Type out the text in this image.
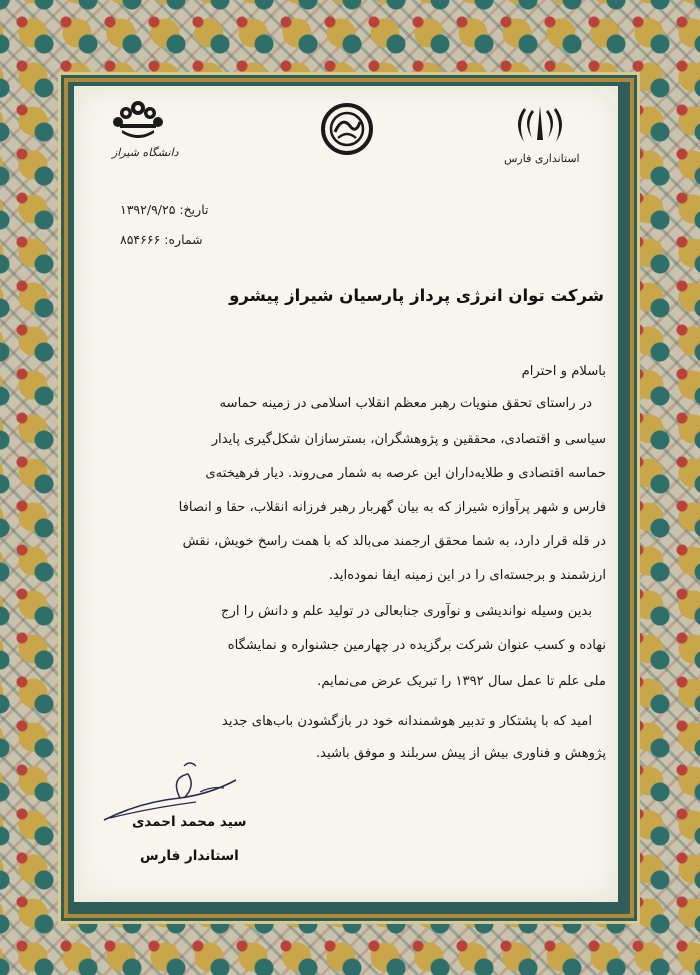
دانشگاه شیراز	استانداری فارس
تاریخ: ۱۳۹۲/۹/۲۵
شماره: ۸۵۴۶۶۶
شرکت توان انرژی پرداز پارسیان شیراز پیشرو
باسلام و احترام
در راستای تحقق منویات رهبر معظم انقلاب اسلامی در زمینه حماسه
سیاسی و اقتصادی، محققین و پژوهشگران، بسترسازان شکل‌گیری پایدار
حماسه اقتصادی و طلایه‌داران این عرصه به شمار می‌روند. دیار فرهیخته‌ی
فارس و شهر پرآوازه شیراز که به بیان گهربار رهبر فرزانه انقلاب، حقا و انصافا
در قله قرار دارد، به شما محقق ارجمند می‌بالد که با همت راسخ خویش، نقش
ارزشمند و برجسته‌ای را در این زمینه ایفا نموده‌اید.
بدین وسیله نواندیشی و نوآوری جنابعالی در تولید علم و دانش را ارج
نهاده و کسب عنوان شرکت برگزیده در چهارمین جشنواره و نمایشگاه
ملی علم تا عمل سال ۱۳۹۲ را تبریک عرض می‌نمایم.
امید که با پشتکار و تدبیر هوشمندانه خود در بازگشودن باب‌های جدید
پژوهش و فناوری بیش از پیش سربلند و موفق باشید.
سید محمد احمدی
استاندار فارس
